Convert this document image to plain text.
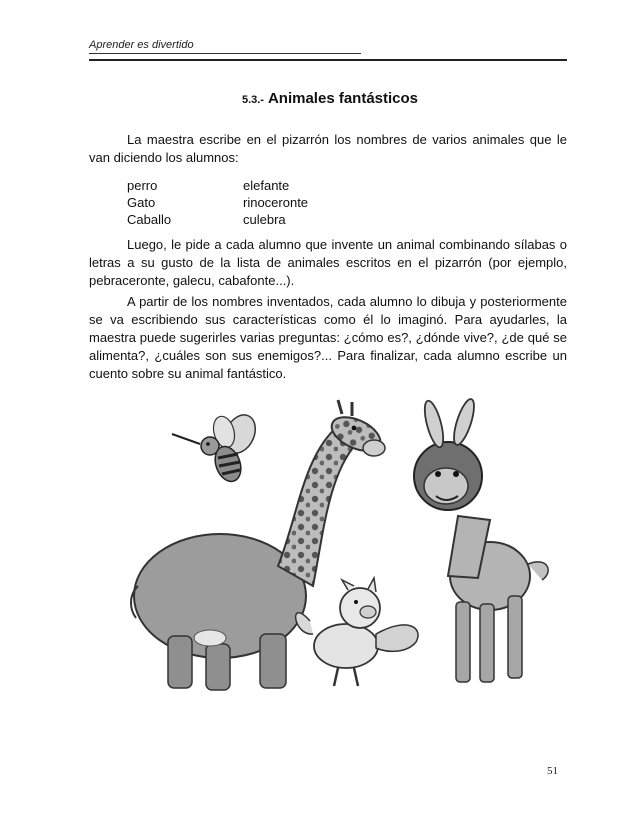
Aprender es divertido
5.3.- Animales fantásticos

La maestra escribe en el pizarrón los nombres de varios animales que le van diciendo los alumnos:

perro	elefante
Gato	rinoceronte
Caballo	culebra

Luego, le pide a cada alumno que invente un animal combinando sílabas o letras a su gusto de la lista de animales escritos en el pizarrón (por ejemplo, pebraceronte, galecu, cabafonte...).

A partir de los nombres inventados, cada alumno lo dibuja y posteriormente se va escribiendo sus características como él lo imaginó. Para ayudarles, la maestra puede sugerirles varias preguntas: ¿cómo es?, ¿dónde vive?, ¿de qué se alimenta?, ¿cuáles son sus enemigos?... Para finalizar, cada alumno escribe un cuento sobre su animal fantástico.

51
